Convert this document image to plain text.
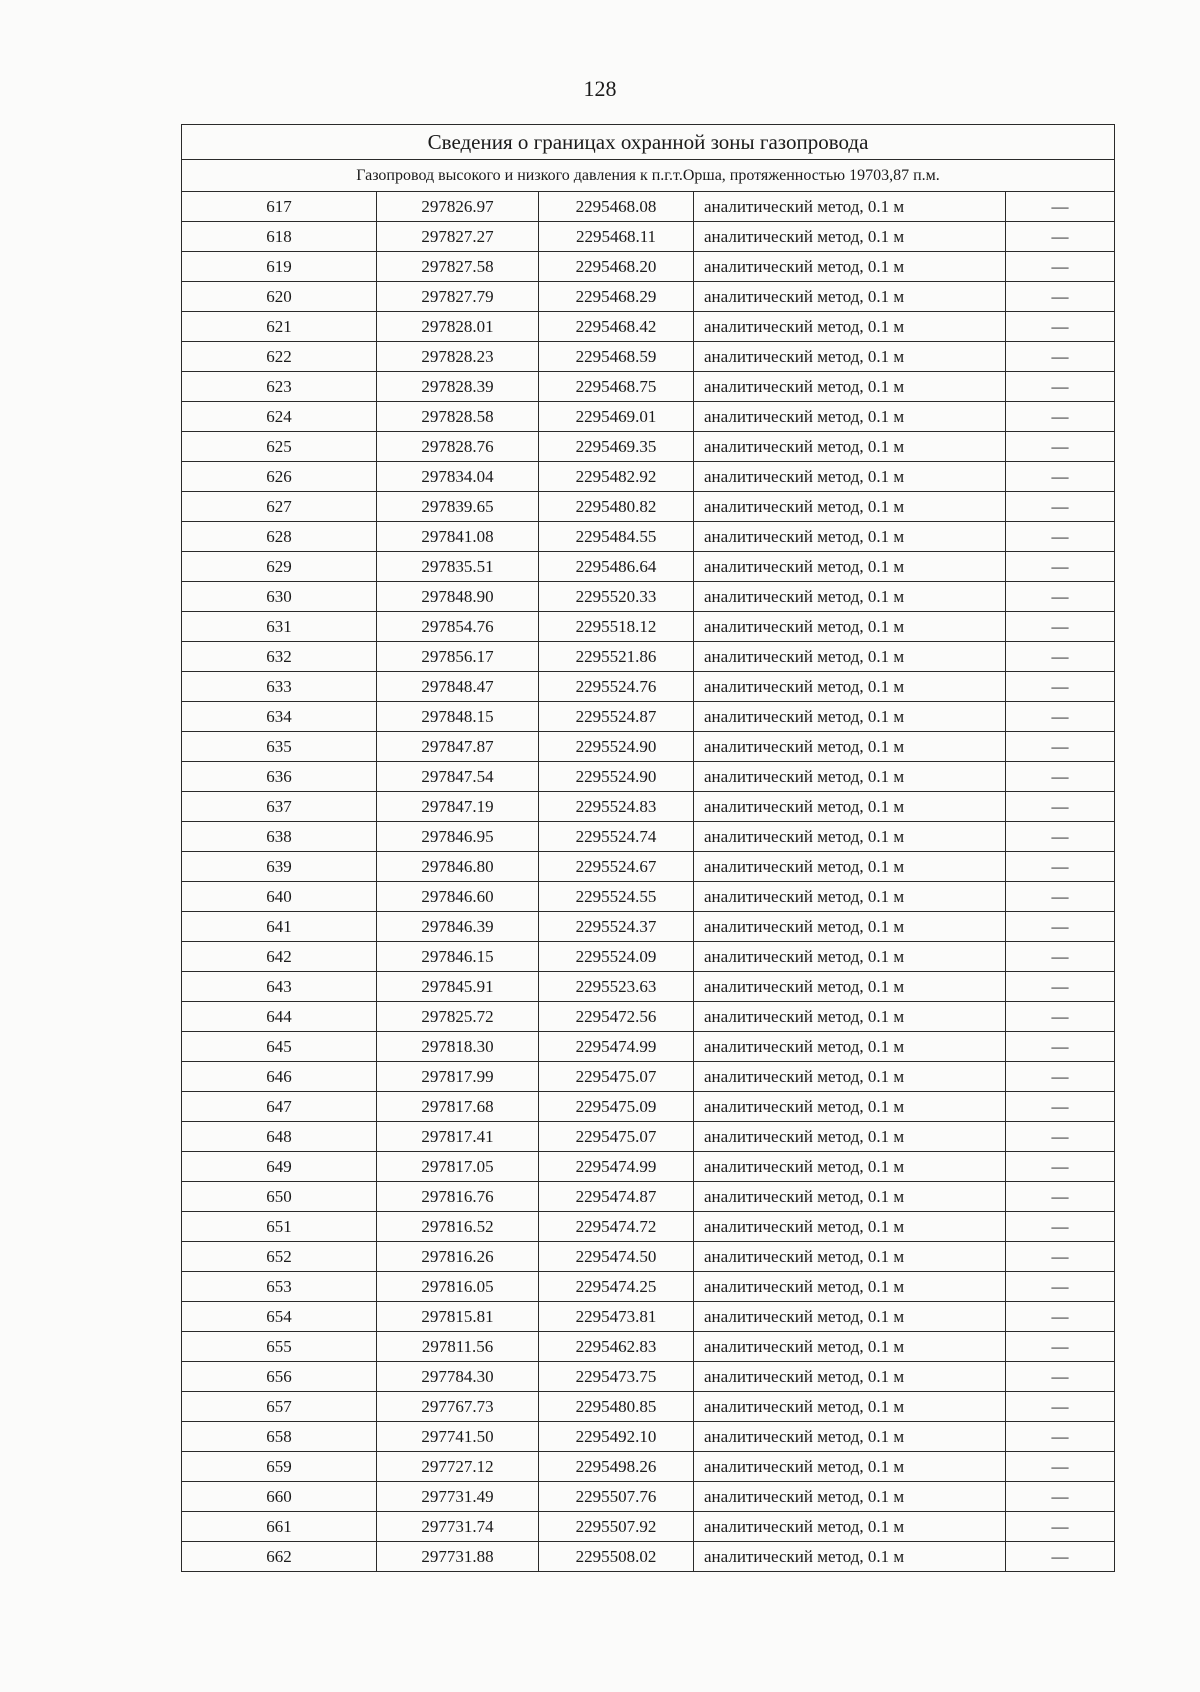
128
Сведения о границах охранной зоны газопровода				
Газопровод высокого и низкого давления к п.г.т.Орша, протяженностью 19703,87 п.м.				
617	297826.97	2295468.08	аналитический метод, 0.1 м	—
618	297827.27	2295468.11	аналитический метод, 0.1 м	—
619	297827.58	2295468.20	аналитический метод, 0.1 м	—
620	297827.79	2295468.29	аналитический метод, 0.1 м	—
621	297828.01	2295468.42	аналитический метод, 0.1 м	—
622	297828.23	2295468.59	аналитический метод, 0.1 м	—
623	297828.39	2295468.75	аналитический метод, 0.1 м	—
624	297828.58	2295469.01	аналитический метод, 0.1 м	—
625	297828.76	2295469.35	аналитический метод, 0.1 м	—
626	297834.04	2295482.92	аналитический метод, 0.1 м	—
627	297839.65	2295480.82	аналитический метод, 0.1 м	—
628	297841.08	2295484.55	аналитический метод, 0.1 м	—
629	297835.51	2295486.64	аналитический метод, 0.1 м	—
630	297848.90	2295520.33	аналитический метод, 0.1 м	—
631	297854.76	2295518.12	аналитический метод, 0.1 м	—
632	297856.17	2295521.86	аналитический метод, 0.1 м	—
633	297848.47	2295524.76	аналитический метод, 0.1 м	—
634	297848.15	2295524.87	аналитический метод, 0.1 м	—
635	297847.87	2295524.90	аналитический метод, 0.1 м	—
636	297847.54	2295524.90	аналитический метод, 0.1 м	—
637	297847.19	2295524.83	аналитический метод, 0.1 м	—
638	297846.95	2295524.74	аналитический метод, 0.1 м	—
639	297846.80	2295524.67	аналитический метод, 0.1 м	—
640	297846.60	2295524.55	аналитический метод, 0.1 м	—
641	297846.39	2295524.37	аналитический метод, 0.1 м	—
642	297846.15	2295524.09	аналитический метод, 0.1 м	—
643	297845.91	2295523.63	аналитический метод, 0.1 м	—
644	297825.72	2295472.56	аналитический метод, 0.1 м	—
645	297818.30	2295474.99	аналитический метод, 0.1 м	—
646	297817.99	2295475.07	аналитический метод, 0.1 м	—
647	297817.68	2295475.09	аналитический метод, 0.1 м	—
648	297817.41	2295475.07	аналитический метод, 0.1 м	—
649	297817.05	2295474.99	аналитический метод, 0.1 м	—
650	297816.76	2295474.87	аналитический метод, 0.1 м	—
651	297816.52	2295474.72	аналитический метод, 0.1 м	—
652	297816.26	2295474.50	аналитический метод, 0.1 м	—
653	297816.05	2295474.25	аналитический метод, 0.1 м	—
654	297815.81	2295473.81	аналитический метод, 0.1 м	—
655	297811.56	2295462.83	аналитический метод, 0.1 м	—
656	297784.30	2295473.75	аналитический метод, 0.1 м	—
657	297767.73	2295480.85	аналитический метод, 0.1 м	—
658	297741.50	2295492.10	аналитический метод, 0.1 м	—
659	297727.12	2295498.26	аналитический метод, 0.1 м	—
660	297731.49	2295507.76	аналитический метод, 0.1 м	—
661	297731.74	2295507.92	аналитический метод, 0.1 м	—
662	297731.88	2295508.02	аналитический метод, 0.1 м	—
